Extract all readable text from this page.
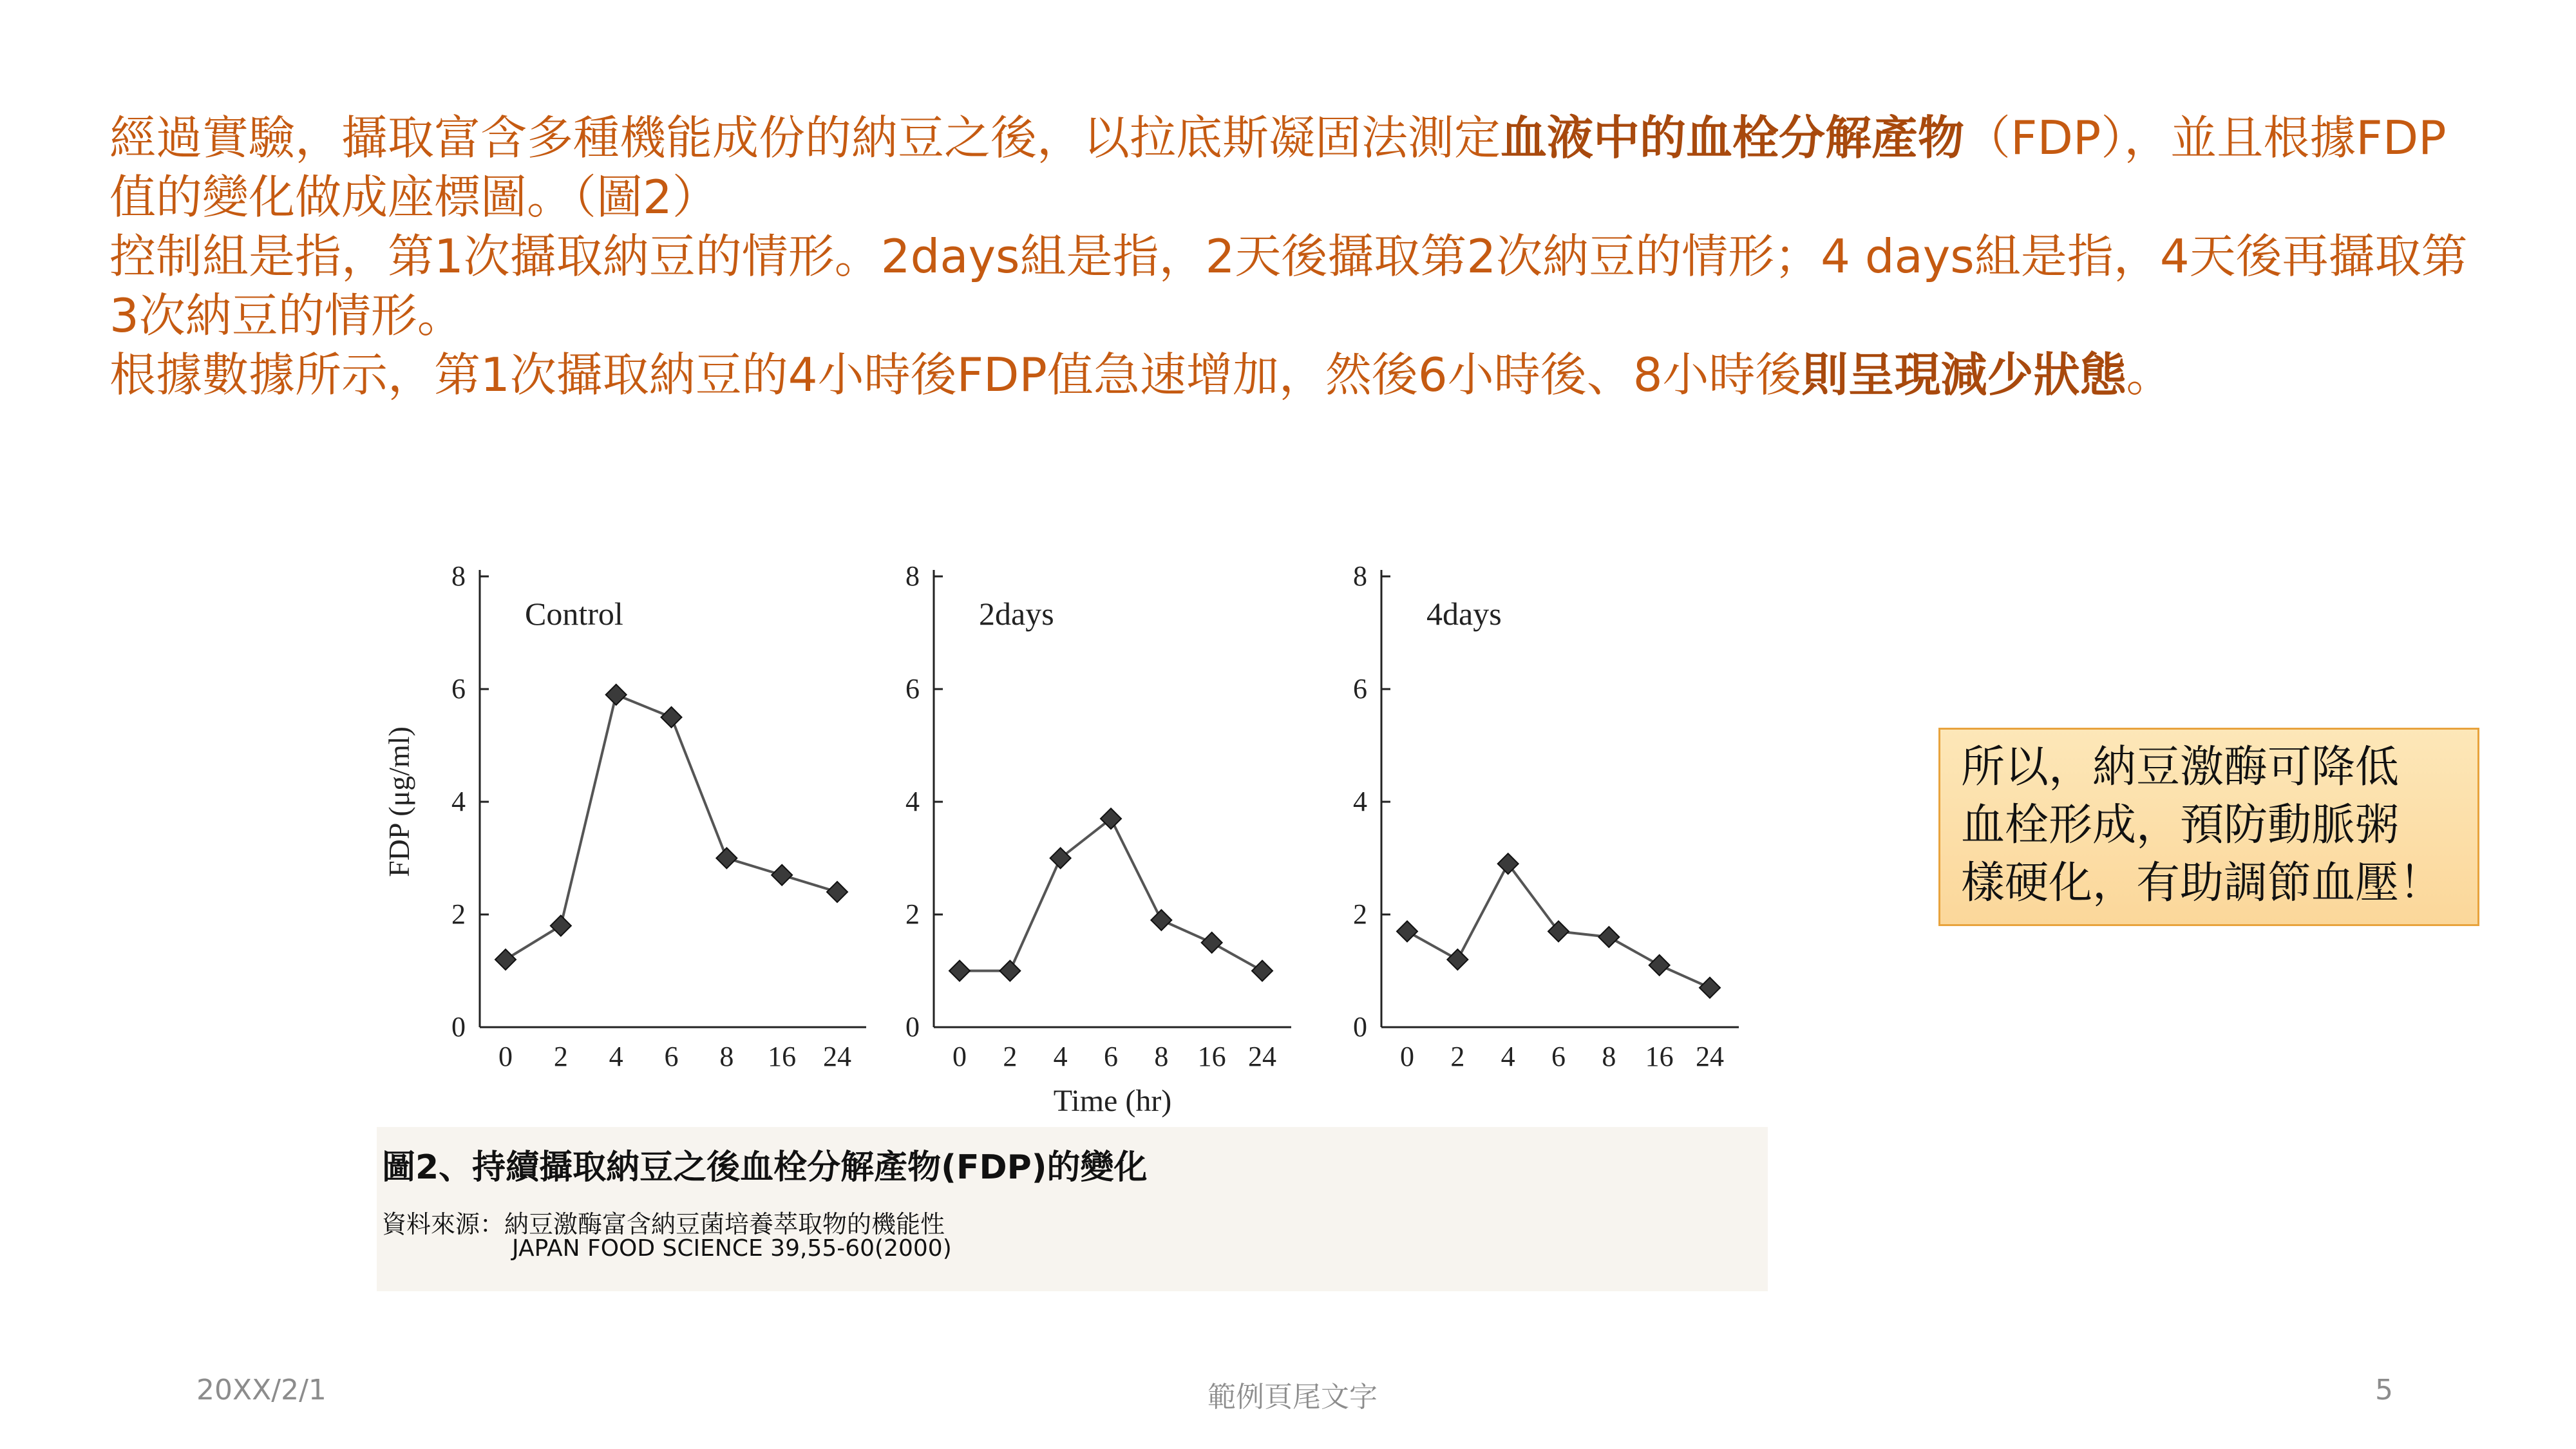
經過實驗，攝取富含多種機能成份的納豆之後，以拉底斯凝固法測定血液中的血栓分解產物（FDP），並且根據FDP值的變化做成座標圖。（圖2）
控制組是指，第1次攝取納豆的情形。2days組是指，2天後攝取第2次納豆的情形；4 days組是指，4天後再攝取第3次納豆的情形。
根據數據所示，第1次攝取納豆的4小時後FDP值急速增加，然後6小時後、8小時後則呈現減少狀態。
0
2
4
6
8
0 2 4 6 8 16 24
Control
FDP (μg/ml)
0
2
4
6
8
0 2 4 6 8 16 24
2days
Time (hr)
0
2
4
6
8
0 2 4 6 8 16 24
4days
圖2、持續攝取納豆之後血栓分解產物(FDP)的變化
資料來源：納豆激酶富含納豆菌培養萃取物的機能性
JAPAN FOOD SCIENCE 39,55-60(2000)
所以，納豆激酶可降低
血栓形成，預防動脈粥
樣硬化，有助調節血壓！
20XX/2/1	範例頁尾文字	5
